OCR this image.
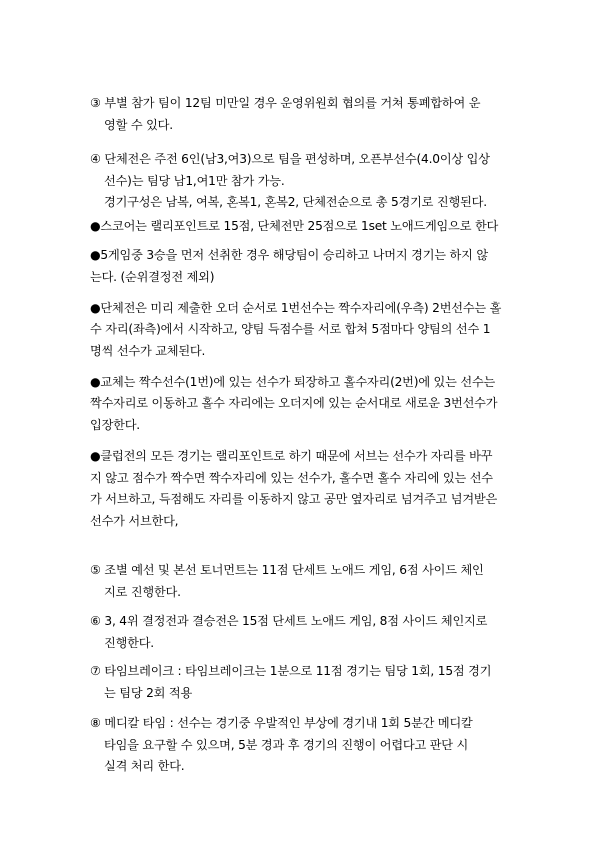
③ 부별 참가 팀이 12팀 미만일 경우 운영위원회 협의를 거쳐 통폐합하여 운
영할 수 있다.
④ 단체전은 주전 6인(남3,여3)으로 팀을 편성하며, 오픈부선수(4.0이상 입상
선수)는 팀당 남1,여1만 참가 가능.
경기구성은 남복, 여복, 혼복1, 혼복2, 단체전순으로 총 5경기로 진행된다.
●스코어는 랠리포인트로 15점, 단체전만 25점으로 1set 노애드게임으로 한다
●5게임중 3승을 먼저 선취한 경우 해당팀이 승리하고 나머지 경기는 하지 않
는다. (순위결정전 제외)
●단체전은 미리 제출한 오더 순서로 1번선수는 짝수자리에(우측) 2번선수는 홀
수 자리(좌측)에서 시작하고, 양팀 득점수를 서로 합쳐 5점마다 양팀의 선수 1
명씩 선수가 교체된다.
●교체는 짝수선수(1번)에 있는 선수가 퇴장하고 홀수자리(2번)에 있는 선수는
짝수자리로 이동하고 홀수 자리에는 오더지에 있는 순서대로 새로운 3번선수가
입장한다.
●클럽전의 모든 경기는 랠리포인트로 하기 때문에 서브는 선수가 자리를 바꾸
지 않고 점수가 짝수면 짝수자리에 있는 선수가, 홀수면 홀수 자리에 있는 선수
가 서브하고, 득점해도 자리를 이동하지 않고 공만 옆자리로 넘겨주고 넘겨받은
선수가 서브한다,
⑤ 조별 예선 및 본선 토너먼트는 11점 단세트 노애드 게임, 6점 사이드 체인
지로 진행한다.
⑥ 3, 4위 결정전과 결승전은 15점 단세트 노애드 게임, 8점 사이드 체인지로
진행한다.
⑦ 타임브레이크 : 타임브레이크는 1분으로 11점 경기는 팀당 1회, 15점 경기
는 팀당 2회 적용
⑧ 메디칼 타임 : 선수는 경기중 우발적인 부상에 경기내 1회 5분간 메디칼
타임을 요구할 수 있으며, 5분 경과 후 경기의 진행이 어렵다고 판단 시
실격 처리 한다.
